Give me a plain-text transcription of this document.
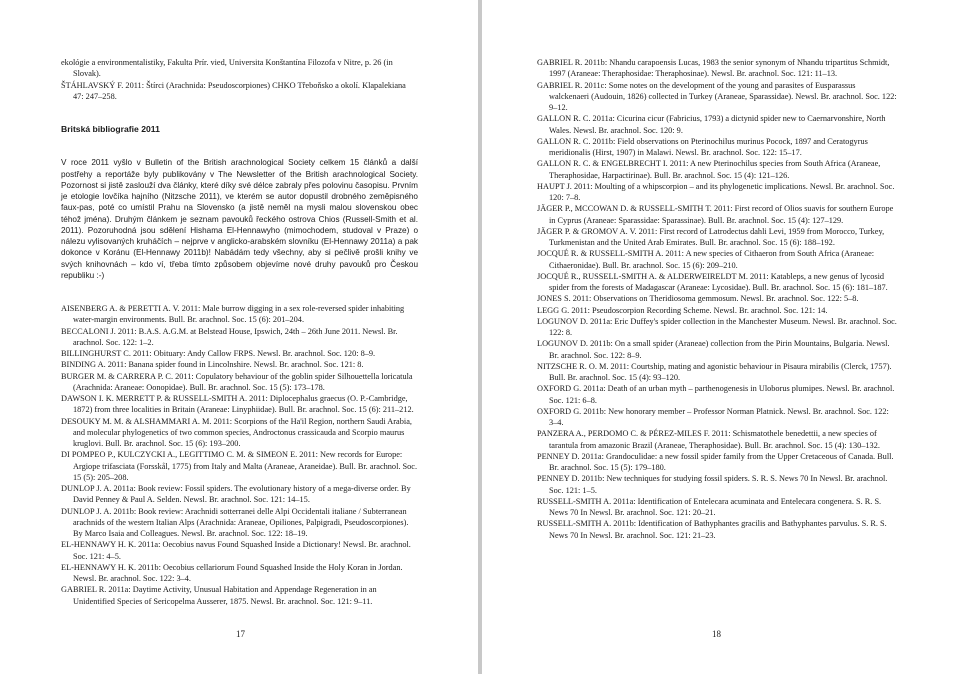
ekológie a environmentalistiky, Fakulta Prír. vied, Universita Konštantína Filozofa v Nitre, p. 26 (in Slovak).

ŠTÁHLAVSKÝ F. 2011: Štírci (Arachnida: Pseudoscorpiones) CHKO Třeboňsko a okolí. Klapalekiana 47: 247–258.

Britská bibliografie 2011

V roce 2011 vyšlo v Bulletin of the British arachnological Society celkem 15 článků a další postřehy a reportáže byly publikovány v The Newsletter of the British arachnological Society. Pozornost si jistě zaslouží dva články, které díky své délce zabraly přes polovinu časopisu. Prvním je etologie lovčíka hajního (Nitzsche 2011), ve kterém se autor dopustil drobného zeměpisného faux-pas, poté co umístil Prahu na Slovensko (a jistě neměl na mysli malou slovenskou obec téhož jména). Druhým článkem je seznam pavouků řeckého ostrova Chios (Russell-Smith et al. 2011). Pozoruhodná jsou sdělení Hishama El-Hennawyho (mimochodem, studoval v Praze) o nálezu vylisovaných kruháčích – nejprve v anglicko-arabském slovníku (El-Hennawy 2011a) a pak dokonce v Koránu (El-Hennawy 2011b)! Nabádám tedy všechny, aby si pečlivě prošli knihy ve svých knihovnách – kdo ví, třeba tímto způsobem objevíme nové druhy pavouků pro Českou republiku :-)

AISENBERG A. & PERETTI A. V. 2011: Male burrow digging in a sex role-reversed spider inhabiting water-margin environments. Bull. Br. arachnol. Soc. 15 (6): 201–204.

BECCALONI J. 2011: B.A.S. A.G.M. at Belstead House, Ipswich, 24th – 26th June 2011. Newsl. Br. arachnol. Soc. 122: 1–2.

BILLINGHURST C. 2011: Obituary: Andy Callow FRPS. Newsl. Br. arachnol. Soc. 120: 8–9.

BINDING A. 2011: Banana spider found in Lincolnshire. Newsl. Br. arachnol. Soc. 121: 8.

BURGER M. & CARRERA P. C. 2011: Copulatory behaviour of the goblin spider Silhouettella loricatula (Arachnida: Araneae: Oonopidae). Bull. Br. arachnol. Soc. 15 (5): 173–178.

DAWSON I. K. MERRETT P. & RUSSELL-SMITH A. 2011: Diplocephalus graecus (O. P.-Cambridge, 1872) from three localities in Britain (Araneae: Linyphiidae). Bull. Br. arachnol. Soc. 15 (6): 211–212.

DESOUKY M. M. & ALSHAMMARI A. M. 2011: Scorpions of the Ha'il Region, northern Saudi Arabia, and molecular phylogenetics of two common species, Androctonus crassicauda and Scorpio maurus kruglovi. Bull. Br. arachnol. Soc. 15 (6): 193–200.

DI POMPEO P., KULCZYCKI A., LEGITTIMO C. M. & SIMEON E. 2011: New records for Europe: Argiope trifasciata (Forsskål, 1775) from Italy and Malta (Araneae, Araneidae). Bull. Br. arachnol. Soc. 15 (5): 205–208.

DUNLOP J. A. 2011a: Book review: Fossil spiders. The evolutionary history of a mega-diverse order. By David Penney & Paul A. Selden. Newsl. Br. arachnol. Soc. 121: 14–15.

DUNLOP J. A. 2011b: Book review: Arachnidi sotterranei delle Alpi Occidentali italiane / Subterranean arachnids of the western Italian Alps (Arachnida: Araneae, Opiliones, Palpigradi, Pseudoscorpiones). By Marco Isaia and Colleagues. Newsl. Br. arachnol. Soc. 122: 18–19.

EL-HENNAWY H. K. 2011a: Oecobius navus Found Squashed Inside a Dictionary! Newsl. Br. arachnol. Soc. 121: 4–5.

EL-HENNAWY H. K. 2011b: Oecobius cellariorum Found Squashed Inside the Holy Koran in Jordan. Newsl. Br. arachnol. Soc. 122: 3–4.

GABRIEL R. 2011a: Daytime Activity, Unusual Habitation and Appendage Regeneration in an Unidentified Species of Sericopelma Ausserer, 1875. Newsl. Br. arachnol. Soc. 121: 9–11.

17

GABRIEL R. 2011b: Nhandu carapoensis Lucas, 1983 the senior synonym of Nhandu tripartitus Schmidt, 1997 (Araneae: Theraphosidae: Theraphosinae). Newsl. Br. arachnol. Soc. 121: 11–13.

GABRIEL R. 2011c: Some notes on the development of the young and parasites of Eusparassus walckenaeri (Audouin, 1826) collected in Turkey (Araneae, Sparassidae). Newsl. Br. arachnol. Soc. 122: 9–12.

GALLON R. C. 2011a: Cicurina cicur (Fabricius, 1793) a dictynid spider new to Caernarvonshire, North Wales. Newsl. Br. arachnol. Soc. 120: 9.

GALLON R. C. 2011b: Field observations on Pterinochilus murinus Pocock, 1897 and Ceratogyrus meridionalis (Hirst, 1907) in Malawi. Newsl. Br. arachnol. Soc. 122: 15–17.

GALLON R. C. & ENGELBRECHT I. 2011: A new Pterinochilus species from South Africa (Araneae, Theraphosidae, Harpactirinae). Bull. Br. arachnol. Soc. 15 (4): 121–126.

HAUPT J. 2011: Moulting of a whipscorpion – and its phylogenetic implications. Newsl. Br. arachnol. Soc. 120: 7–8.

JÄGER P., MCCOWAN D. & RUSSELL-SMITH T. 2011: First record of Olios suavis for southern Europe in Cyprus (Araneae: Sparassidae: Sparassinae). Bull. Br. arachnol. Soc. 15 (4): 127–129.

JÄGER P. & GROMOV A. V. 2011: First record of Latrodectus dahli Levi, 1959 from Morocco, Turkey, Turkmenistan and the United Arab Emirates. Bull. Br. arachnol. Soc. 15 (6): 188–192.

JOCQUÉ R. & RUSSELL-SMITH A. 2011: A new species of Cithaeron from South Africa (Araneae: Cithaeronidae). Bull. Br. arachnol. Soc. 15 (6): 209–210.

JOCQUÉ R., RUSSELL-SMITH A. & ALDERWEIRELDT M. 2011: Katableps, a new genus of lycosid spider from the forests of Madagascar (Araneae: Lycosidae). Bull. Br. arachnol. Soc. 15 (6): 181–187.

JONES S. 2011: Observations on Theridiosoma gemmosum. Newsl. Br. arachnol. Soc. 122: 5–8.

LEGG G. 2011: Pseudoscorpion Recording Scheme. Newsl. Br. arachnol. Soc. 121: 14.

LOGUNOV D. 2011a: Eric Duffey's spider collection in the Manchester Museum. Newsl. Br. arachnol. Soc. 122: 8.

LOGUNOV D. 2011b: On a small spider (Araneae) collection from the Pirin Mountains, Bulgaria. Newsl. Br. arachnol. Soc. 122: 8–9.

NITZSCHE R. O. M. 2011: Courtship, mating and agonistic behaviour in Pisaura mirabilis (Clerck, 1757). Bull. Br. arachnol. Soc. 15 (4): 93–120.

OXFORD G. 2011a: Death of an urban myth – parthenogenesis in Uloborus plumipes. Newsl. Br. arachnol. Soc. 121: 6–8.

OXFORD G. 2011b: New honorary member – Professor Norman Platnick. Newsl. Br. arachnol. Soc. 122: 3–4.

PANZERA A., PERDOMO C. & PÉREZ-MILES F. 2011: Schismatothele benedettii, a new species of tarantula from amazonic Brazil (Araneae, Theraphosidae). Bull. Br. arachnol. Soc. 15 (4): 130–132.

PENNEY D. 2011a: Grandoculidae: a new fossil spider family from the Upper Cretaceous of Canada. Bull. Br. arachnol. Soc. 15 (5): 179–180.

PENNEY D. 2011b: New techniques for studying fossil spiders. S. R. S. News 70 In Newsl. Br. arachnol. Soc. 121: 1–5.

RUSSELL-SMITH A. 2011a: Identification of Entelecara acuminata and Entelecara congenera. S. R. S. News 70 In Newsl. Br. arachnol. Soc. 121: 20–21.

RUSSELL-SMITH A. 2011b: Identification of Bathyphantes gracilis and Bathyphantes parvulus. S. R. S. News 70 In Newsl. Br. arachnol. Soc. 121: 21–23.

18
